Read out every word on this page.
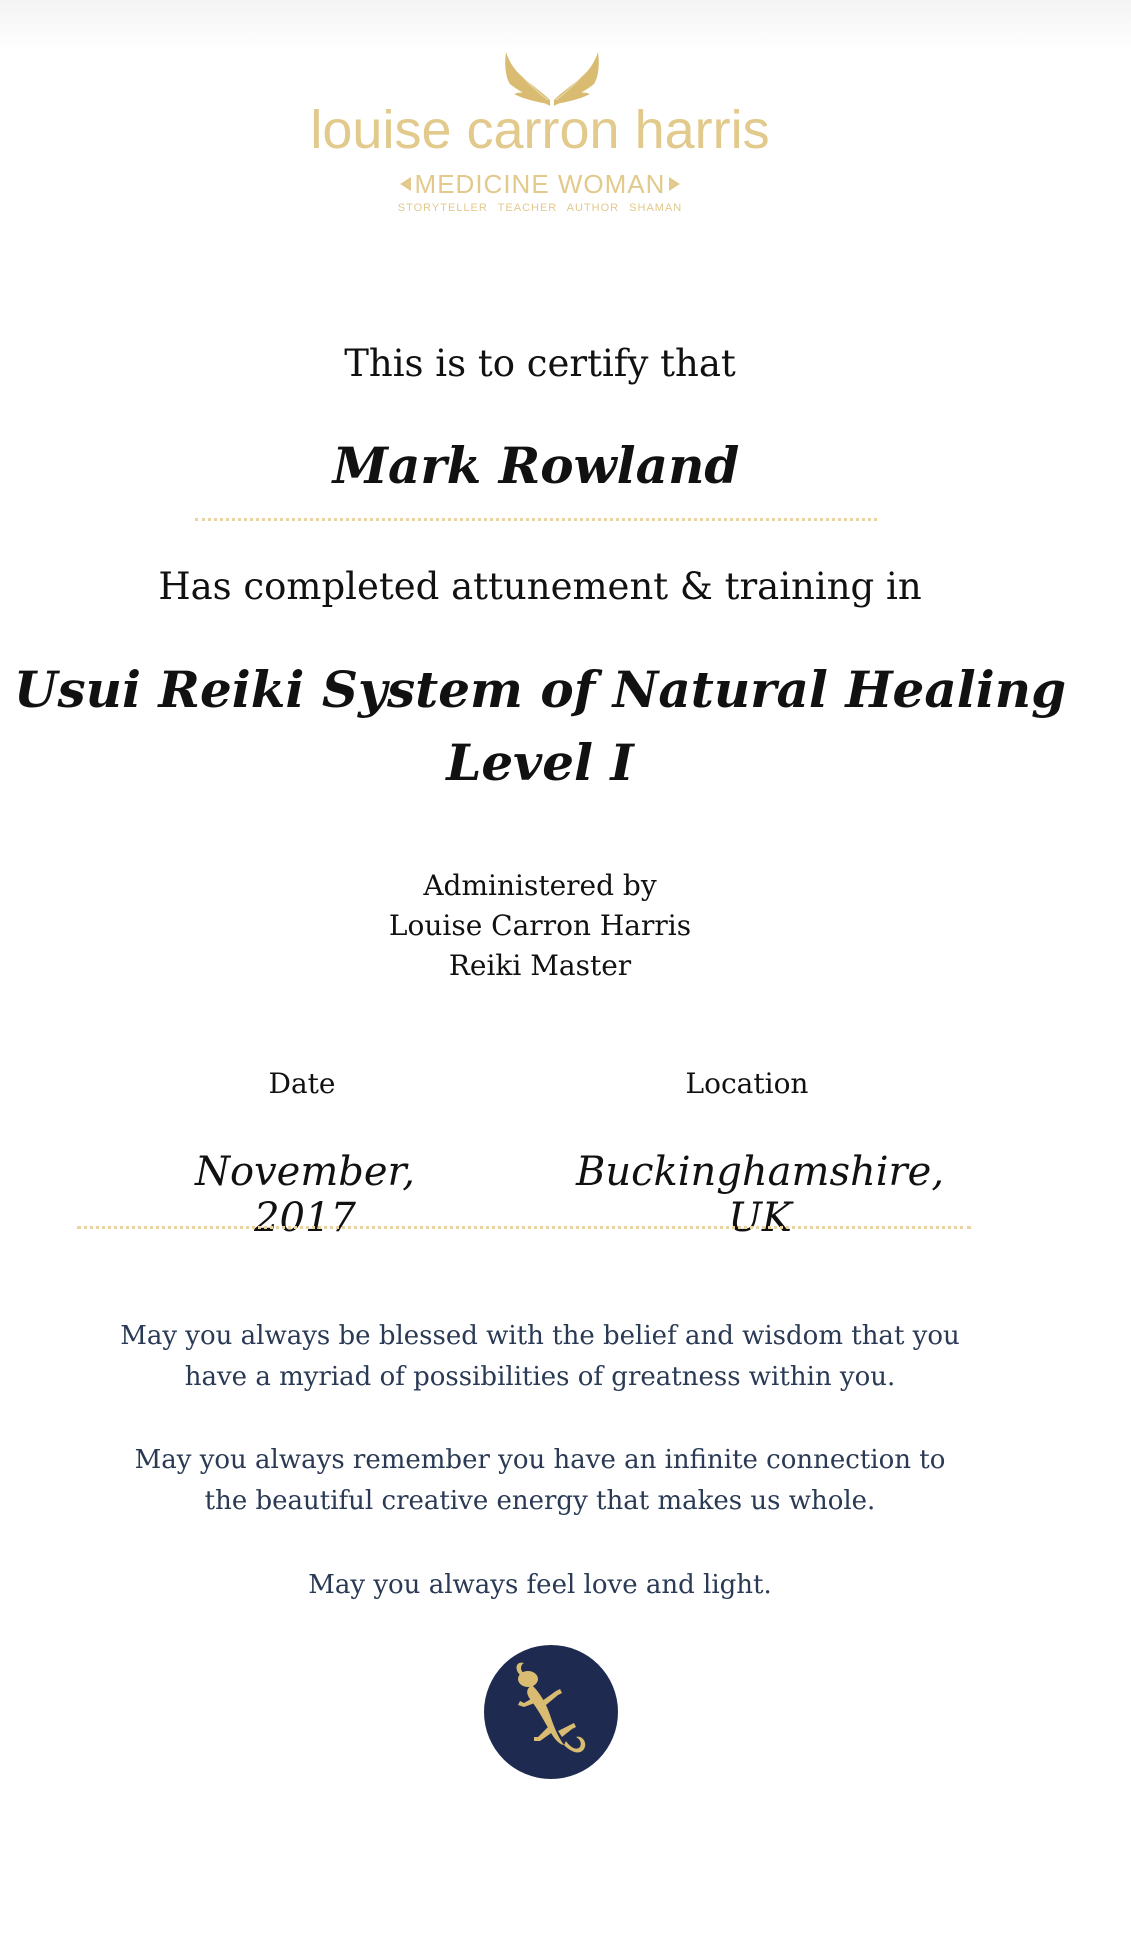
louise carron harris
MEDICINE WOMAN
STORYTELLER TEACHER AUTHOR SHAMAN
This is to certify that
Mark Rowland
Has completed attunement & training in
Usui Reiki System of Natural Healing
Level I
Administered by
Louise Carron Harris
Reiki Master
Date	Location
November, 2017
Buckinghamshire, UK
May you always be blessed with the belief and wisdom that you
have a myriad of possibilities of greatness within you.
May you always remember you have an infinite connection to
the beautiful creative energy that makes us whole.
May you always feel love and light.
